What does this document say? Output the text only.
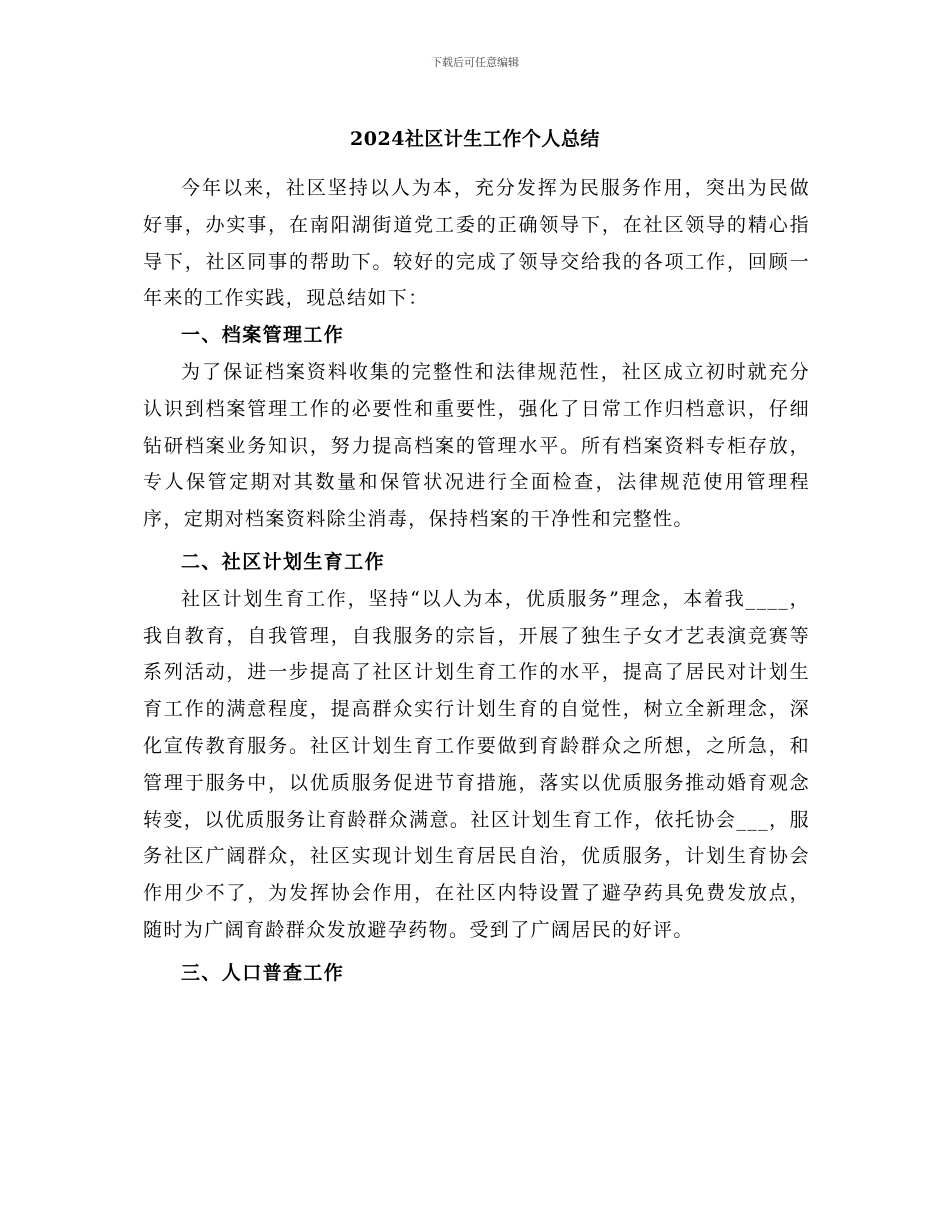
下载后可任意编辑
2024社区计生工作个人总结

今年以来，社区坚持以人为本，充分发挥为民服务作用，突出为民做好事，办实事，在南阳湖街道党工委的正确领导下，在社区领导的精心指导下，社区同事的帮助下。较好的完成了领导交给我的各项工作，回顾一年来的工作实践，现总结如下：

一、档案管理工作

为了保证档案资料收集的完整性和法律规范性，社区成立初时就充分认识到档案管理工作的必要性和重要性，强化了日常工作归档意识，仔细钻研档案业务知识，努力提高档案的管理水平。所有档案资料专柜存放，专人保管定期对其数量和保管状况进行全面检查，法律规范使用管理程序，定期对档案资料除尘消毒，保持档案的干净性和完整性。

二、社区计划生育工作

社区计划生育工作，坚持“以人为本，优质服务”理念，本着我____，我自教育，自我管理，自我服务的宗旨，开展了独生子女才艺表演竞赛等系列活动，进一步提高了社区计划生育工作的水平，提高了居民对计划生育工作的满意程度，提高群众实行计划生育的自觉性，树立全新理念，深化宣传教育服务。社区计划生育工作要做到育龄群众之所想，之所急，和管理于服务中，以优质服务促进节育措施，落实以优质服务推动婚育观念转变，以优质服务让育龄群众满意。社区计划生育工作，依托协会___，服务社区广阔群众，社区实现计划生育居民自治，优质服务，计划生育协会作用少不了，为发挥协会作用，在社区内特设置了避孕药具免费发放点，随时为广阔育龄群众发放避孕药物。受到了广阔居民的好评。

三、人口普查工作
